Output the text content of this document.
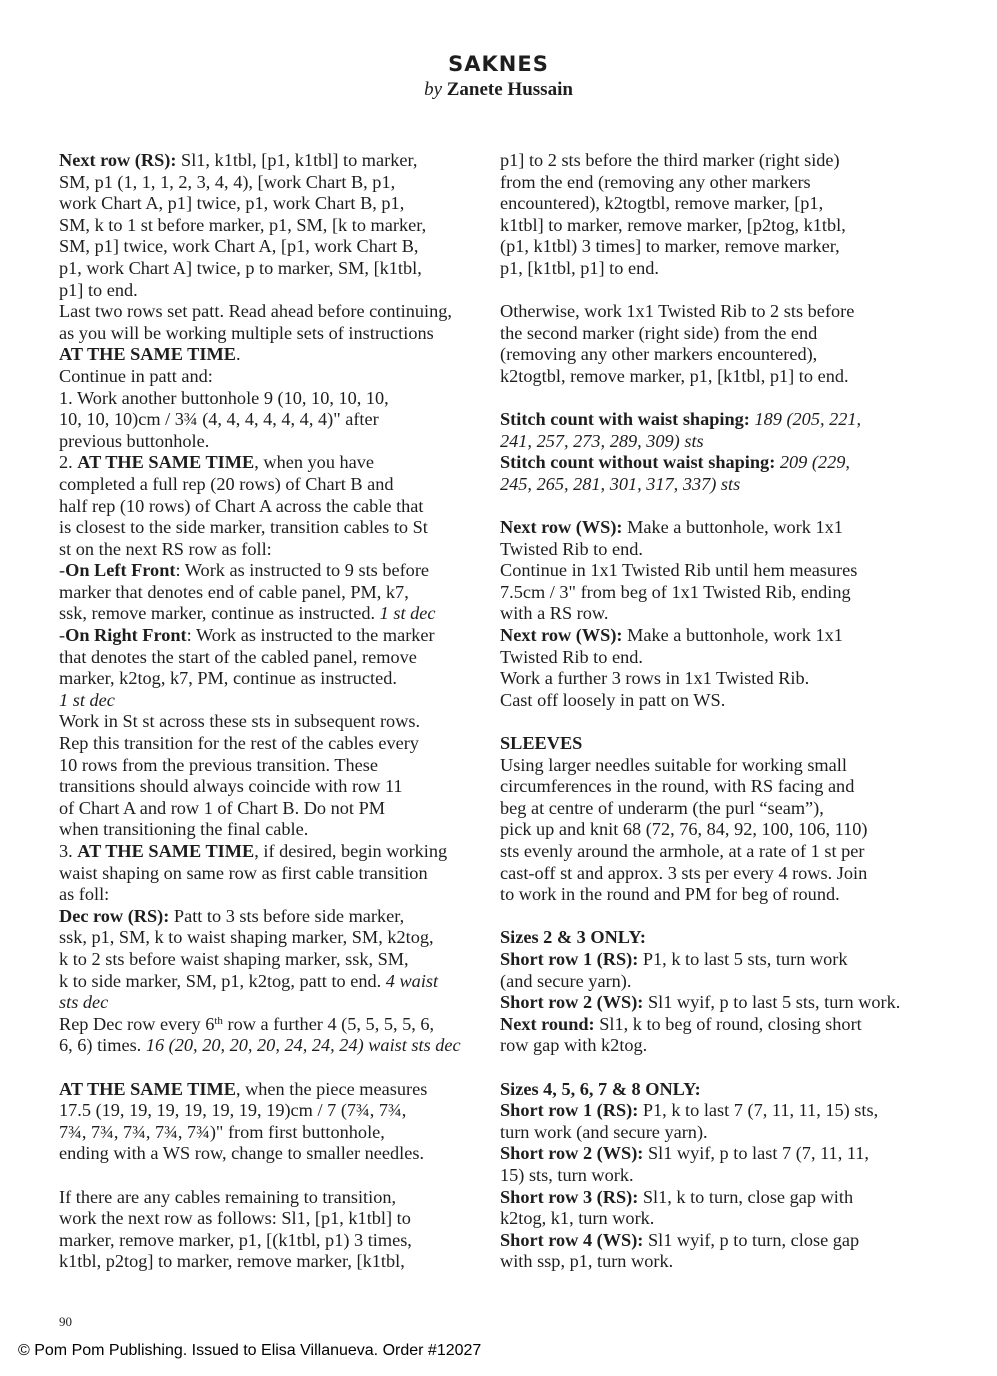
SAKNES
by Zanete Hussain
Next row (RS): Sl1, k1tbl, [p1, k1tbl] to marker,
SM, p1 (1, 1, 1, 2, 3, 4, 4), [work Chart B, p1,
work Chart A, p1] twice, p1, work Chart B, p1,
SM, k to 1 st before marker, p1, SM, [k to marker,
SM, p1] twice, work Chart A, [p1, work Chart B,
p1, work Chart A] twice, p to marker, SM, [k1tbl,
p1] to end.
Last two rows set patt. Read ahead before continuing,
as you will be working multiple sets of instructions
AT THE SAME TIME.
Continue in patt and:
1. Work another buttonhole 9 (10, 10, 10, 10,
10, 10, 10)cm / 3¾ (4, 4, 4, 4, 4, 4, 4)" after
previous buttonhole.
2. AT THE SAME TIME, when you have
completed a full rep (20 rows) of Chart B and
half rep (10 rows) of Chart A across the cable that
is closest to the side marker, transition cables to St
st on the next RS row as foll:
-On Left Front: Work as instructed to 9 sts before
marker that denotes end of cable panel, PM, k7,
ssk, remove marker, continue as instructed. 1 st dec
-On Right Front: Work as instructed to the marker
that denotes the start of the cabled panel, remove
marker, k2tog, k7, PM, continue as instructed.
1 st dec
Work in St st across these sts in subsequent rows.
Rep this transition for the rest of the cables every
10 rows from the previous transition. These
transitions should always coincide with row 11
of Chart A and row 1 of Chart B. Do not PM
when transitioning the final cable.
3. AT THE SAME TIME, if desired, begin working
waist shaping on same row as first cable transition
as foll:
Dec row (RS): Patt to 3 sts before side marker,
ssk, p1, SM, k to waist shaping marker, SM, k2tog,
k to 2 sts before waist shaping marker, ssk, SM,
k to side marker, SM, p1, k2tog, patt to end. 4 waist
sts dec
Rep Dec row every 6th row a further 4 (5, 5, 5, 5, 6,
6, 6) times. 16 (20, 20, 20, 20, 24, 24, 24) waist sts dec
AT THE SAME TIME, when the piece measures
17.5 (19, 19, 19, 19, 19, 19, 19)cm / 7 (7¾, 7¾,
7¾, 7¾, 7¾, 7¾, 7¾)" from first buttonhole,
ending with a WS row, change to smaller needles.
If there are any cables remaining to transition,
work the next row as follows: Sl1, [p1, k1tbl] to
marker, remove marker, p1, [(k1tbl, p1) 3 times,
k1tbl, p2tog] to marker, remove marker, [k1tbl,
p1] to 2 sts before the third marker (right side)
from the end (removing any other markers
encountered), k2togtbl, remove marker, [p1,
k1tbl] to marker, remove marker, [p2tog, k1tbl,
(p1, k1tbl) 3 times] to marker, remove marker,
p1, [k1tbl, p1] to end.
Otherwise, work 1x1 Twisted Rib to 2 sts before
the second marker (right side) from the end
(removing any other markers encountered),
k2togtbl, remove marker, p1, [k1tbl, p1] to end.
Stitch count with waist shaping: 189 (205, 221,
241, 257, 273, 289, 309) sts
Stitch count without waist shaping: 209 (229,
245, 265, 281, 301, 317, 337) sts
Next row (WS): Make a buttonhole, work 1x1
Twisted Rib to end.
Continue in 1x1 Twisted Rib until hem measures
7.5cm / 3" from beg of 1x1 Twisted Rib, ending
with a RS row.
Next row (WS): Make a buttonhole, work 1x1
Twisted Rib to end.
Work a further 3 rows in 1x1 Twisted Rib.
Cast off loosely in patt on WS.
SLEEVES
Using larger needles suitable for working small
circumferences in the round, with RS facing and
beg at centre of underarm (the purl “seam”),
pick up and knit 68 (72, 76, 84, 92, 100, 106, 110)
sts evenly around the armhole, at a rate of 1 st per
cast-off st and approx. 3 sts per every 4 rows. Join
to work in the round and PM for beg of round.
Sizes 2 & 3 ONLY:
Short row 1 (RS): P1, k to last 5 sts, turn work
(and secure yarn).
Short row 2 (WS): Sl1 wyif, p to last 5 sts, turn work.
Next round: Sl1, k to beg of round, closing short
row gap with k2tog.
Sizes 4, 5, 6, 7 & 8 ONLY:
Short row 1 (RS): P1, k to last 7 (7, 11, 11, 15) sts,
turn work (and secure yarn).
Short row 2 (WS): Sl1 wyif, p to last 7 (7, 11, 11,
15) sts, turn work.
Short row 3 (RS): Sl1, k to turn, close gap with
k2tog, k1, turn work.
Short row 4 (WS): Sl1 wyif, p to turn, close gap
with ssp, p1, turn work.
90
© Pom Pom Publishing. Issued to Elisa Villanueva. Order #12027
